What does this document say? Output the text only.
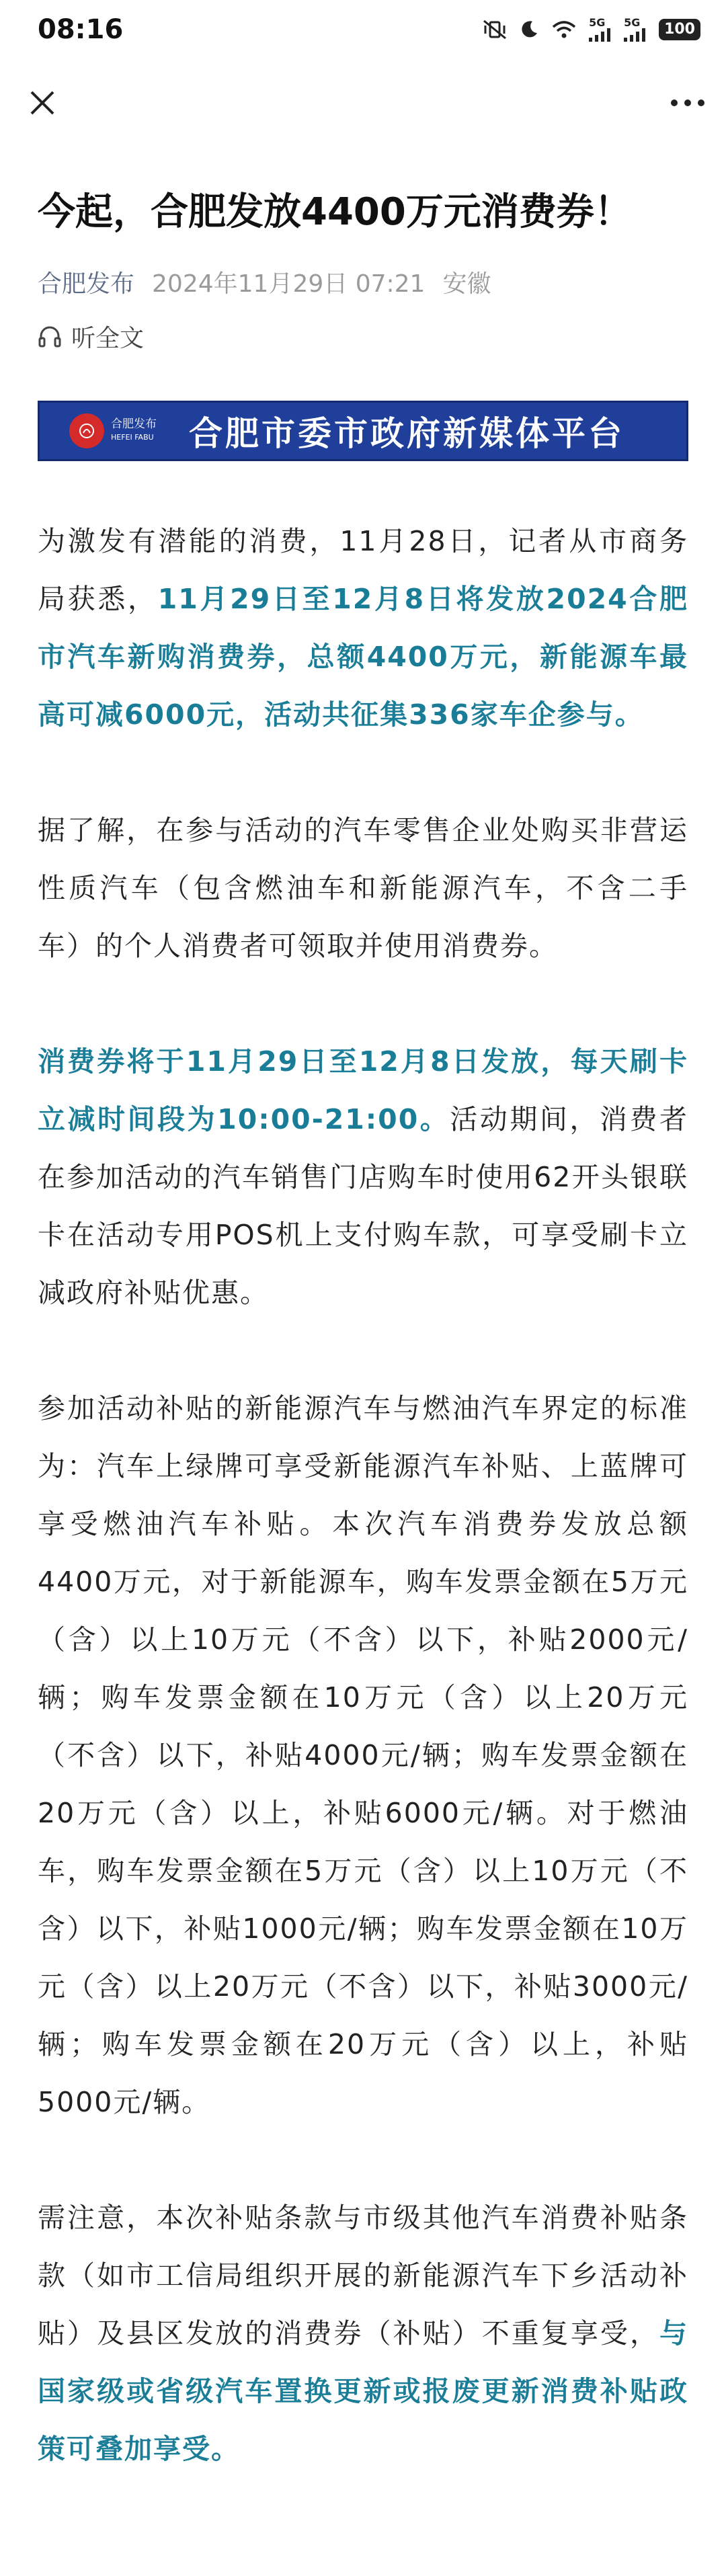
08:16	5G 5G	100
今起，合肥发放4400万元消费券！
合肥发布 2024年11月29日 07:21 安徽
听全文
合肥发布
HEFEI FABU	合肥市委市政府新媒体平台

为激发有潜能的消费，11月28日，记者从市商务局获悉，11月29日至12月8日将发放2024合肥市汽车新购消费券，总额4400万元，新能源车最高可减6000元，活动共征集336家车企参与。

据了解，在参与活动的汽车零售企业处购买非营运性质汽车（包含燃油车和新能源汽车，不含二手车）的个人消费者可领取并使用消费券。

消费券将于11月29日至12月8日发放，每天刷卡立减时间段为10:00-21:00。活动期间，消费者在参加活动的汽车销售门店购车时使用62开头银联卡在活动专用POS机上支付购车款，可享受刷卡立减政府补贴优惠。

参加活动补贴的新能源汽车与燃油汽车界定的标准为：汽车上绿牌可享受新能源汽车补贴、上蓝牌可享受燃油汽车补贴。本次汽车消费券发放总额4400万元，对于新能源车，购车发票金额在5万元（含）以上10万元（不含）以下，补贴2000元/辆；购车发票金额在10万元（含）以上20万元（不含）以下，补贴4000元/辆；购车发票金额在20万元（含）以上，补贴6000元/辆。对于燃油车，购车发票金额在5万元（含）以上10万元（不含）以下，补贴1000元/辆；购车发票金额在10万元（含）以上20万元（不含）以下，补贴3000元/辆；购车发票金额在20万元（含）以上，补贴5000元/辆。

需注意，本次补贴条款与市级其他汽车消费补贴条款（如市工信局组织开展的新能源汽车下乡活动补贴）及县区发放的消费券（补贴）不重复享受，与国家级或省级汽车置换更新或报废更新消费补贴政策可叠加享受。
